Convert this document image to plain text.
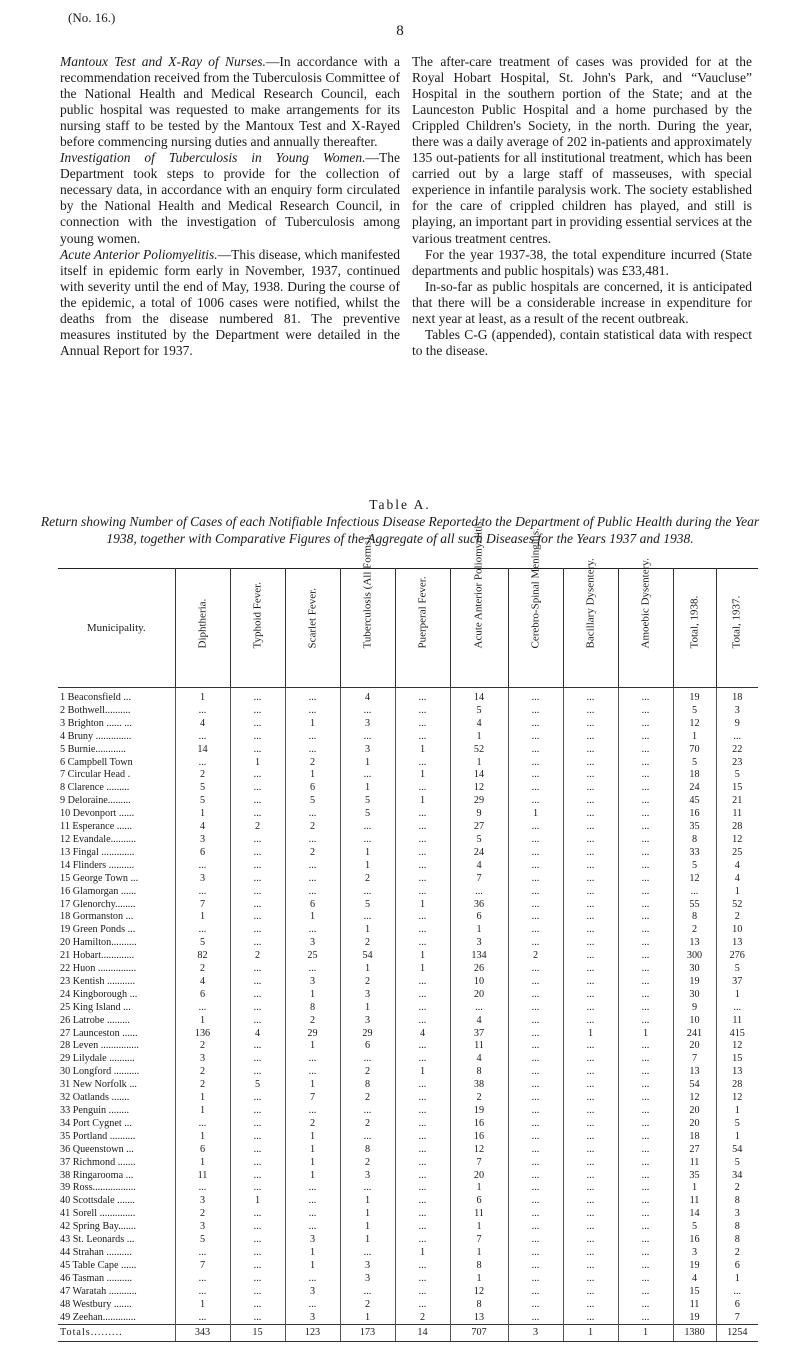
(No. 16.)
8

Mantoux Test and X-Ray of Nurses.—In accordance with a recommendation received from the Tuberculosis Committee of the National Health and Medical Research Council, each public hospital was requested to make arrangements for its nursing staff to be tested by the Mantoux Test and X-Rayed before commencing nursing duties and annually thereafter.

Investigation of Tuberculosis in Young Women.—The Department took steps to provide for the collection of necessary data, in accordance with an enquiry form circulated by the National Health and Medical Research Council, in connection with the investigation of Tuberculosis among young women.

Acute Anterior Poliomyelitis.—This disease, which manifested itself in epidemic form early in November, 1937, continued with severity until the end of May, 1938. During the course of the epidemic, a total of 1006 cases were notified, whilst the deaths from the disease numbered 81. The preventive measures instituted by the Department were detailed in the Annual Report for 1937.

The after-care treatment of cases was provided for at the Royal Hobart Hospital, St. John's Park, and “Vaucluse” Hospital in the southern portion of the State; and at the Launceston Public Hospital and a home purchased by the Crippled Children's Society, in the north. During the year, there was a daily average of 202 in-patients and approximately 135 out-patients for all institutional treatment, which has been carried out by a large staff of masseuses, with special experience in infantile paralysis work. The society established for the care of crippled children has played, and still is playing, an important part in providing essential services at the various treatment centres.

For the year 1937-38, the total expenditure incurred (State departments and public hospitals) was £33,481.

In-so-far as public hospitals are concerned, it is anticipated that there will be a considerable increase in expenditure for next year at least, as a result of the recent outbreak.

Tables C-G (appended), contain statistical data with respect to the disease.

Table A.
Return showing Number of Cases of each Notifiable Infectious Disease Reported to the Department of Public Health during the Year 1938, together with Comparative Figures of the Aggregate of all such Diseases for the Years 1937 and 1938.
Municipality.	Diphtheria.	Typhoid Fever.	Scarlet Fever.	Tuberculosis (All Forms).	Puerperal Fever.	Acute Anterior Poliomyelitis.	Cerebro-Spinal Meningitis.	Bacillary Dysentery.	Amoebic Dysentery.	Total, 1938.	Total, 1937.

1 Beaconsfield ...	1	...	...	4	...	14	...	...	...	19	18
2 Bothwell..........	...	...	...	...	...	5	...	...	...	5	3
3 Brighton ...... ...	4	...	1	3	...	4	...	...	...	12	9
4 Bruny ..............	...	...	...	...	...	1	...	...	...	1	...
5 Burnie............	14	...	...	3	1	52	...	...	...	70	22
6 Campbell Town	...	1	2	1	...	1	...	...	...	5	23
7 Circular Head .	2	...	1	...	1	14	...	...	...	18	5
8 Clarence .........	5	...	6	1	...	12	...	...	...	24	15
9 Deloraine.........	5	...	5	5	1	29	...	...	...	45	21
10 Devonport ......	1	...	...	5	...	9	1	...	...	16	11
11 Esperance ......	4	2	2	...	...	27	...	...	...	35	28
12 Evandale..........	3	...	...	...	...	5	...	...	...	8	12
13 Fingal .............	6	...	2	1	...	24	...	...	...	33	25
14 Flinders ..........	...	...	...	1	...	4	...	...	...	5	4
15 George Town ...	3	...	...	2	...	7	...	...	...	12	4
16 Glamorgan ......	...	...	...	...	...	...	...	...	...	...	1
17 Glenorchy........	7	...	6	5	1	36	...	...	...	55	52
18 Gormanston ...	1	...	1	...	...	6	...	...	...	8	2
19 Green Ponds ...	...	...	...	1	...	1	...	...	...	2	10
20 Hamilton..........	5	...	3	2	...	3	...	...	...	13	13
21 Hobart.............	82	2	25	54	1	134	2	...	...	300	276
22 Huon ...............	2	...	...	1	1	26	...	...	...	30	5
23 Kentish ...........	4	...	3	2	...	10	...	...	...	19	37
24 Kingborough ...	6	...	1	3	...	20	...	...	...	30	1
25 King Island ...	...	...	8	1	...	...	...	...	...	9	...
26 Latrobe .........	1	...	2	3	...	4	...	...	...	10	11
27 Launceston ......	136	4	29	29	4	37	...	1	1	241	415
28 Leven ...............	2	...	1	6	...	11	...	...	...	20	12
29 Lilydale ..........	3	...	...	...	...	4	...	...	...	7	15
30 Longford ..........	2	...	...	2	1	8	...	...	...	13	13
31 New Norfolk ...	2	5	1	8	...	38	...	...	...	54	28
32 Oatlands .......	1	...	7	2	...	2	...	...	...	12	12
33 Penguin ........	1	...	...	...	...	19	...	...	...	20	1
34 Port Cygnet ...	...	...	2	2	...	16	...	...	...	20	5
35 Portland ..........	1	...	1	...	...	16	...	...	...	18	1
36 Queenstown ...	6	...	1	8	...	12	...	...	...	27	54
37 Richmond .......	1	...	1	2	...	7	...	...	...	11	5
38 Ringarooma ...	11	...	1	3	...	20	...	...	...	35	34
39 Ross.................	...	...	...	...	...	1	...	...	...	1	2
40 Scottsdale .......	3	1	...	1	...	6	...	...	...	11	8
41 Sorell ..............	2	...	...	1	...	11	...	...	...	14	3
42 Spring Bay.......	3	...	...	1	...	1	...	...	...	5	8
43 St. Leonards ...	5	...	3	1	...	7	...	...	...	16	8
44 Strahan ..........	...	...	1	...	1	1	...	...	...	3	2
45 Table Cape ......	7	...	1	3	...	8	...	...	...	19	6
46 Tasman ..........	...	...	...	3	...	1	...	...	...	4	1
47 Waratah ...........	...	...	3	...	...	12	...	...	...	15	...
48 Westbury .......	1	...	...	2	...	8	...	...	...	11	6
49 Zeehan.............	...	...	3	1	2	13	...	...	...	19	7
Totals.........	343	15	123	173	14	707	3	1	1	1380	1254
